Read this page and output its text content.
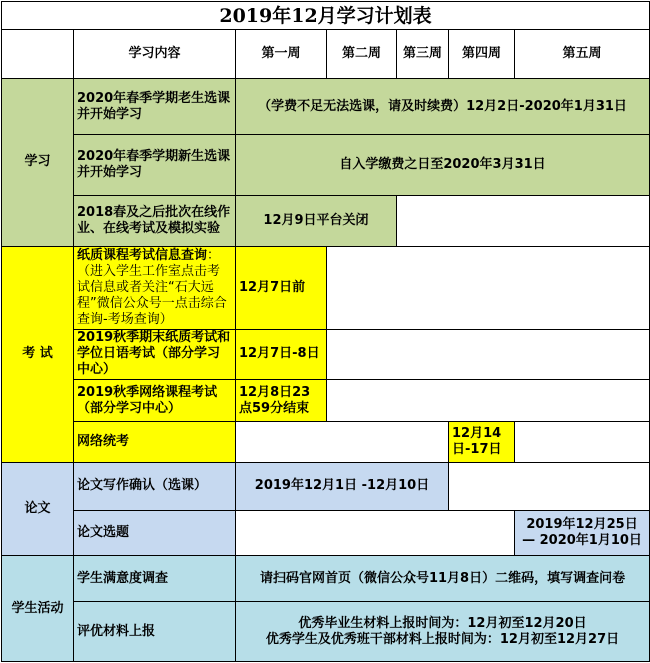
2019年12月学习计划表						
	学习内容	第一周	第二周	第三周	第四周	第五周
学习	2020年春季学期老生选课并开始学习	（学费不足无法选课，请及时续费）12月2日-2020年1月31日				
	2020年春季学期新生选课并开始学习	自入学缴费之日至2020年3月31日				
	2018春及之后批次在线作业、在线考试及模拟实验	12月9日平台关闭				
考 试	纸质课程考试信息查询：（进入学生工作室点击考试信息或者关注“石大远程”微信公众号一点击综合查询-考场查询）	12月7日前				
	2019秋季期末纸质考试和学位日语考试（部分学习中心）	12月7日-8日				
	2019秋季网络课程考试（部分学习中心）	12月8日23点59分结束				
	网络统考				12月14日-17日	
论文	论文写作确认（选课）	2019年12月1日 -12月10日				
	论文选题					2019年12月25日 — 2020年1月10日
学生活动	学生满意度调查	请扫码官网首页（微信公众号11月8日）二维码，填写调查问卷				
	评优材料上报	优秀毕业生材料上报时间为：12月初至12月20日
优秀学生及优秀班干部材料上报时间为：12月初至12月27日				
